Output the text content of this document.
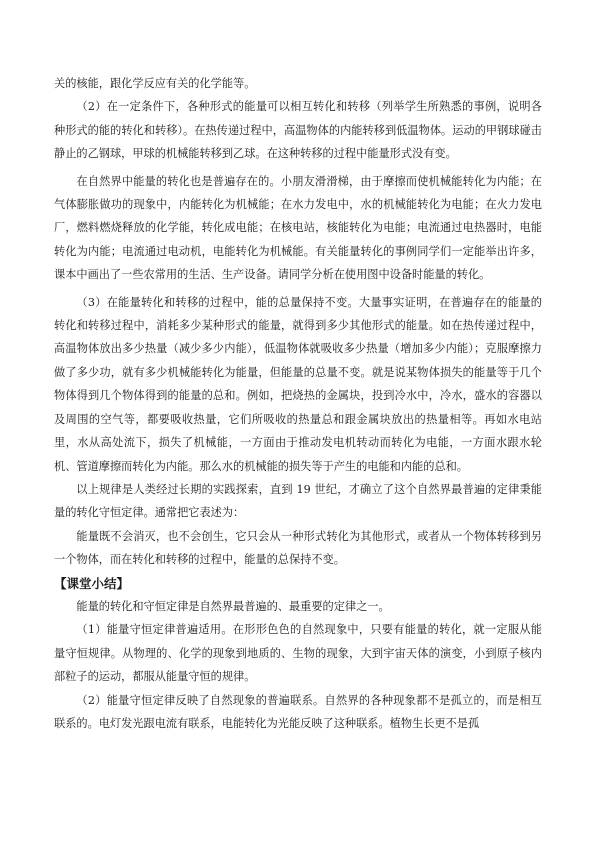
关的核能，跟化学反应有关的化学能等。

（2）在一定条件下，各种形式的能量可以相互转化和转移（列举学生所熟悉的事例，说明各种形式的能的转化和转移）。在热传递过程中，高温物体的内能转移到低温物体。运动的甲钢球碰击静止的乙钢球，甲球的机械能转移到乙球。在这种转移的过程中能量形式没有变。

在自然界中能量的转化也是普遍存在的。小朋友滑滑梯，由于摩擦而使机械能转化为内能；在气体膨胀做功的现象中，内能转化为机械能；在水力发电中，水的机械能转化为电能；在火力发电厂，燃料燃烧释放的化学能，转化成电能；在核电站，核能转化为电能；电流通过电热器时，电能转化为内能；电流通过电动机，电能转化为机械能。有关能量转化的事例同学们一定能举出许多，课本中画出了一些农常用的生活、生产设备。请同学分析在使用图中设备时能量的转化。

（3）在能量转化和转移的过程中，能的总量保持不变。大量事实证明，在普遍存在的能量的转化和转移过程中，消耗多少某种形式的能量，就得到多少其他形式的能量。如在热传递过程中，高温物体放出多少热量（减少多少内能），低温物体就吸收多少热量（增加多少内能）；克服摩擦力做了多少功，就有多少机械能转化为能量，但能量的总量不变。就是说某物体损失的能量等于几个物体得到几个物体得到的能量的总和。例如，把烧热的金属块，投到冷水中，冷水，盛水的容器以及周围的空气等，都要吸收热量，它们所吸收的热量总和跟金属块放出的热量相等。再如水电站里，水从高处流下，损失了机械能，一方面由于推动发电机转动而转化为电能，一方面水跟水轮机、管道摩擦而转化为内能。那么水的机械能的损失等于产生的电能和内能的总和。

以上规律是人类经过长期的实践探索，直到 19 世纪，才确立了这个自然界最普遍的定律秉能量的转化守恒定律。通常把它表述为：

能量既不会消灭，也不会创生，它只会从一种形式转化为其他形式，或者从一个物体转移到另一个物体，而在转化和转移的过程中，能量的总保持不变。

【课堂小结】

能量的转化和守恒定律是自然界最普遍的、最重要的定律之一。

（1）能量守恒定律普遍适用。在形形色色的自然现象中，只要有能量的转化，就一定服从能量守恒规律。从物理的、化学的现象到地质的、生物的现象，大到宇宙天体的演变，小到原子核内部粒子的运动，都服从能量守恒的规律。

（2）能量守恒定律反映了自然现象的普遍联系。自然界的各种现象都不是孤立的，而是相互联系的。电灯发光跟电流有联系，电能转化为光能反映了这种联系。植物生长更不是孤
